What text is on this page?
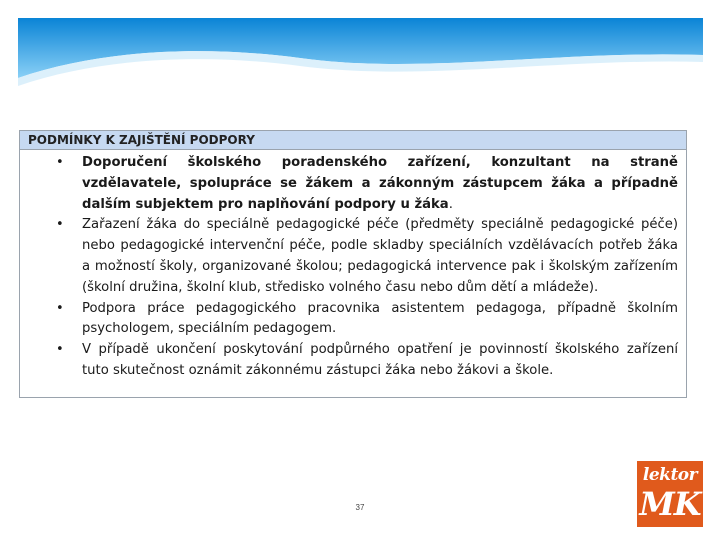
PODMÍNKY K ZAJIŠTĚNÍ PODPORY
• Doporučení školského poradenského zařízení, konzultant na straně vzdělavatele, spolupráce se žákem a zákonným zástupcem žáka a případně dalším subjektem pro naplňování podpory u žáka.
• Zařazení žáka do speciálně pedagogické péče (předměty speciálně pedagogické péče) nebo pedagogické intervenční péče, podle skladby speciálních vzdělávacích potřeb žáka a možností školy, organizované školou; pedagogická intervence pak i školským zařízením (školní družina, školní klub, středisko volného času nebo dům dětí a mládeže).
• Podpora práce pedagogického pracovnika asistentem pedagoga, případně školním psychologem, speciálním pedagogem.
• V případě ukončení poskytování podpůrného opatření je povinností školského zařízení tuto skutečnost oznámit zákonnému zástupci žáka nebo žákovi a škole.
37
lektor
MK
